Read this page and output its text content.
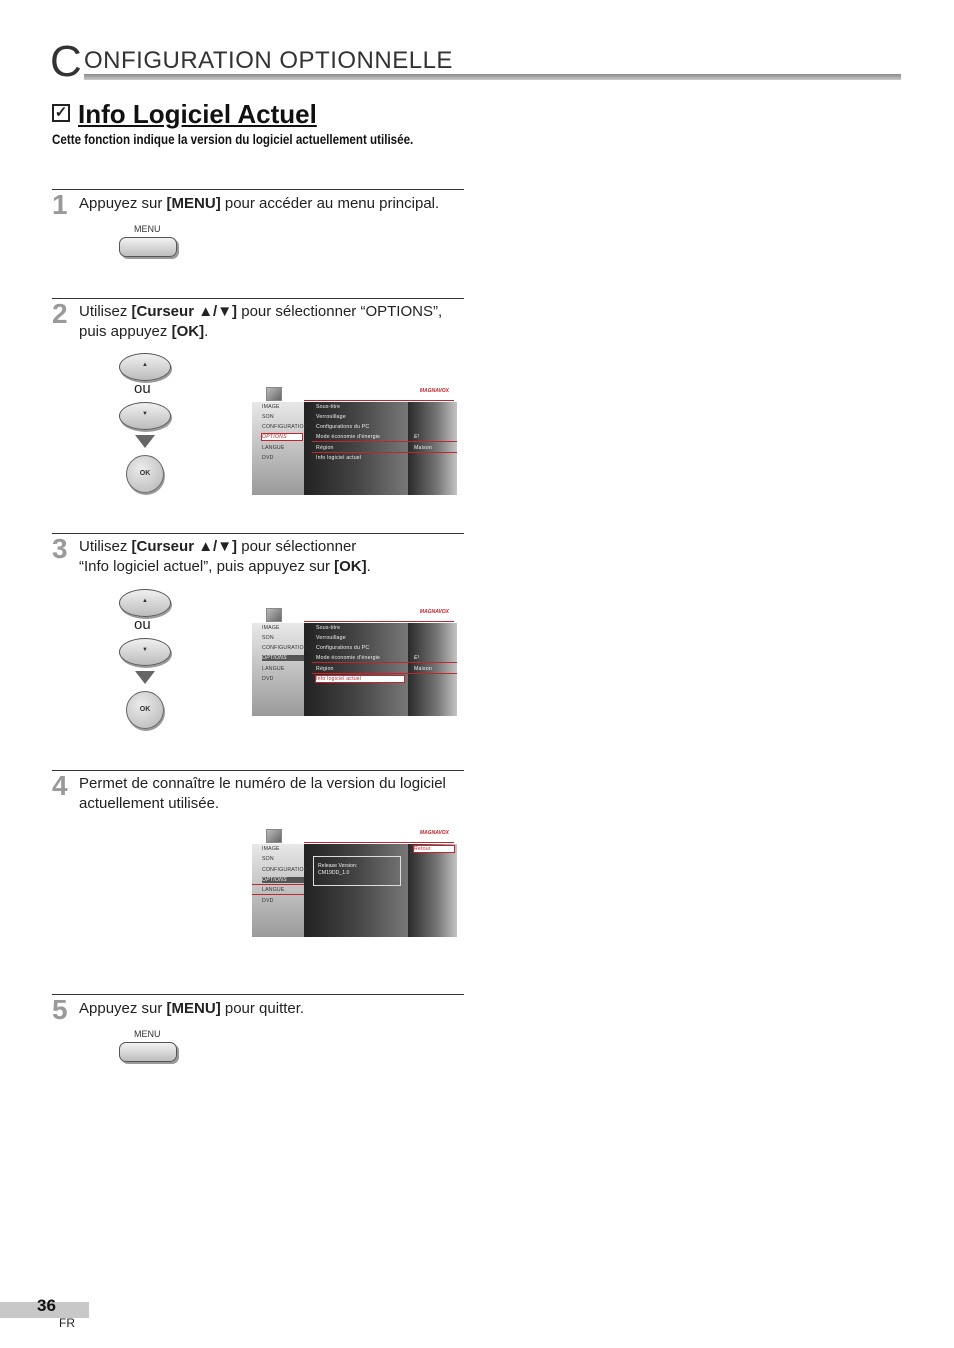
C ONFIGURATION OPTIONNELLE
✓ Info Logiciel Actuel
Cette fonction indique la version du logiciel actuellement utilisée.
1 Appuyez sur [MENU] pour accéder au menu principal.
MENU
2 Utilisez [Curseur ▲/▼] pour sélectionner “OPTIONS”,
puis appuyez [OK].
▲
ou
▼
OK
MAGNAVOX
IMAGE
SON
CONFIGURATION
OPTIONS
LANGUE
DVD
Sous-titre
Verrouillage
Configurations du PC
Mode économie d'énergie
Région
Info logiciel actuel
E!
Maison
3 Utilisez [Curseur ▲/▼] pour sélectionner
“Info logiciel actuel”, puis appuyez sur [OK].
▲
ou
▼
OK
MAGNAVOX
IMAGE
SON
CONFIGURATION
OPTIONS
LANGUE
DVD
Sous-titre
Verrouillage
Configurations du PC
Mode économie d'énergie
Région
Info logiciel actuel
E!
Maison
4 Permet de connaître le numéro de la version du logiciel
actuellement utilisée.
MAGNAVOX
IMAGE
SON
CONFIGURATION
OPTIONS
LANGUE
DVD
Release Version:
CM19DD_1.0
Retour
5 Appuyez sur [MENU] pour quitter.
MENU
36
FR
